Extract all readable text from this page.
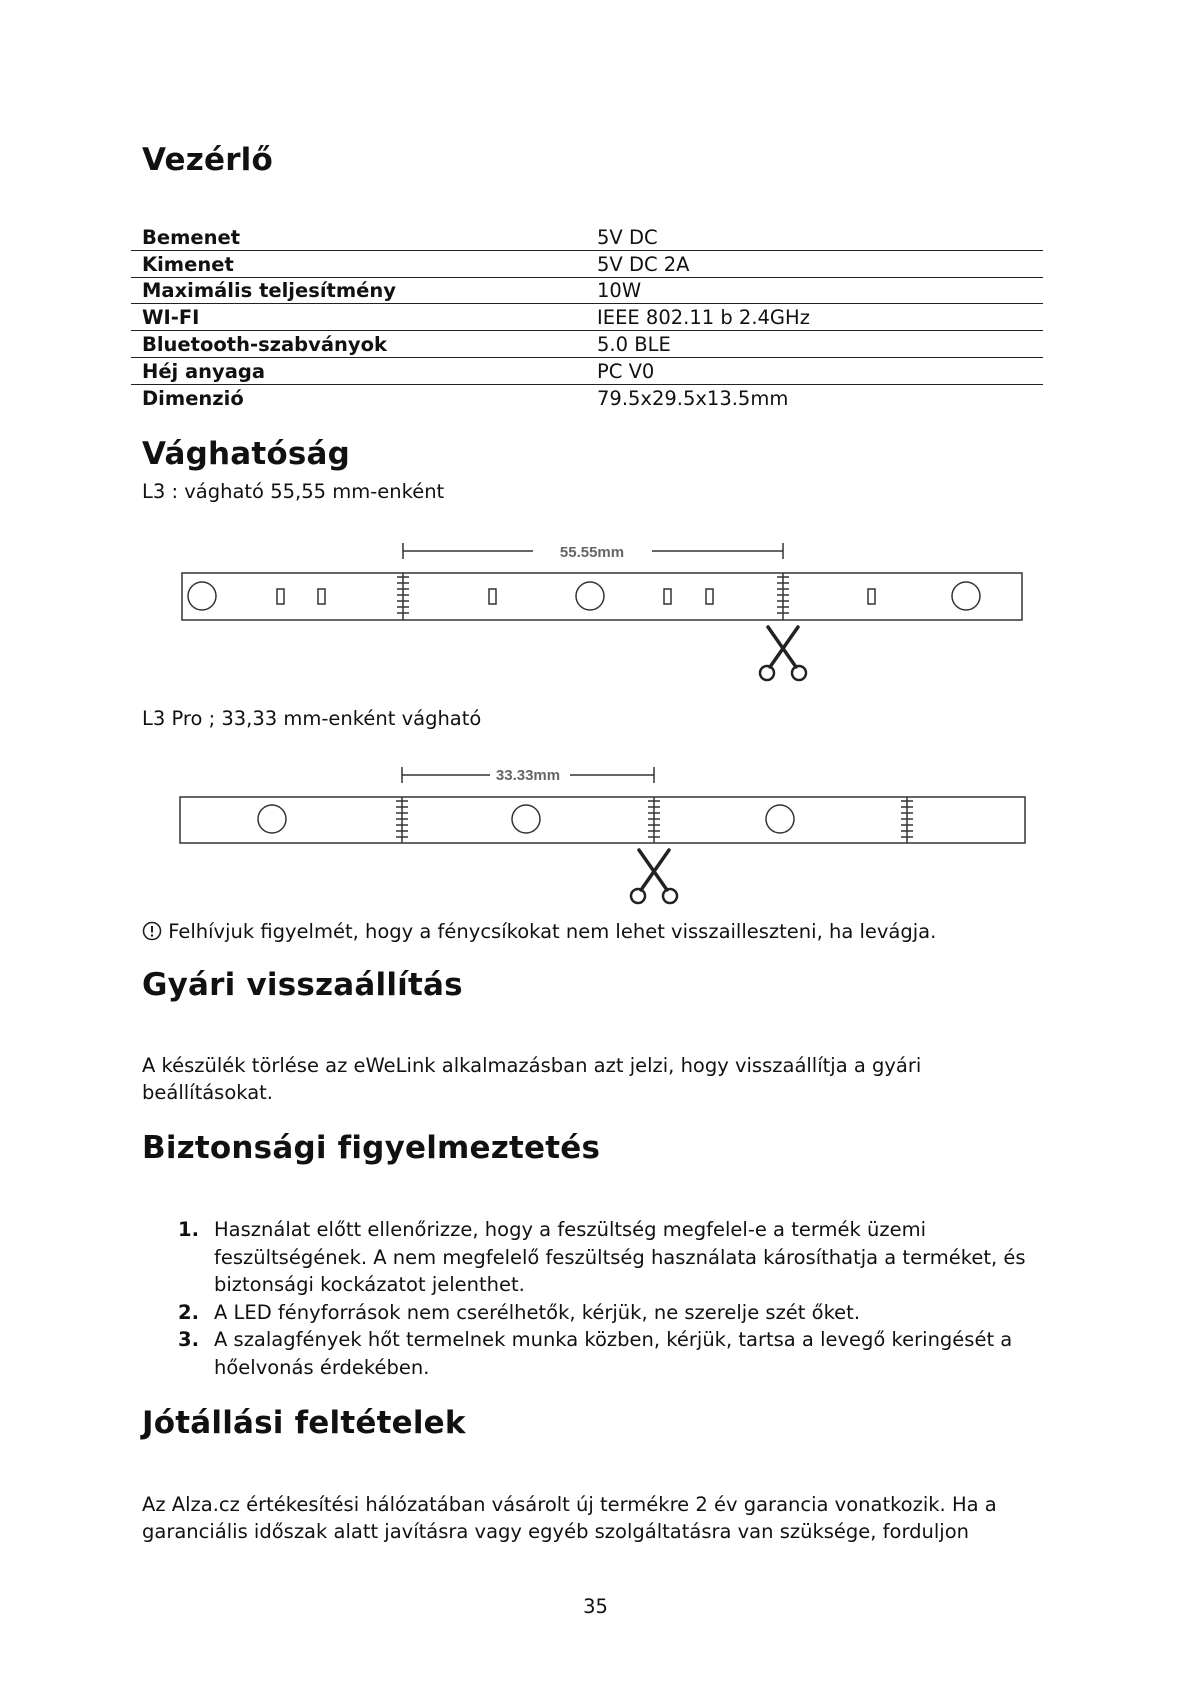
Vezérlő
Bemenet	5V DC
Kimenet	5V DC 2A
Maximális teljesítmény	10W
WI-FI	IEEE 802.11 b 2.4GHz
Bluetooth-szabványok	5.0 BLE
Héj anyaga	PC V0
Dimenzió	79.5x29.5x13.5mm
Vághatóság
L3 : vágható 55,55 mm-enként
55.55mm
L3 Pro ; 33,33 mm-enként vágható
33.33mm
Felhívjuk figyelmét, hogy a fénycsíkokat nem lehet visszailleszteni, ha levágja.
Gyári visszaállítás
A készülék törlése az eWeLink alkalmazásban azt jelzi, hogy visszaállítja a gyári beállításokat.
Biztonsági figyelmeztetés
1. Használat előtt ellenőrizze, hogy a feszültség megfelel-e a termék üzemi feszültségének. A nem megfelelő feszültség használata károsíthatja a terméket, és biztonsági kockázatot jelenthet.
2. A LED fényforrások nem cserélhetők, kérjük, ne szerelje szét őket.
3. A szalagfények hőt termelnek munka közben, kérjük, tartsa a levegő keringését a hőelvonás érdekében.
Jótállási feltételek
Az Alza.cz értékesítési hálózatában vásárolt új termékre 2 év garancia vonatkozik. Ha a garanciális időszak alatt javításra vagy egyéb szolgáltatásra van szüksége, forduljon
35
